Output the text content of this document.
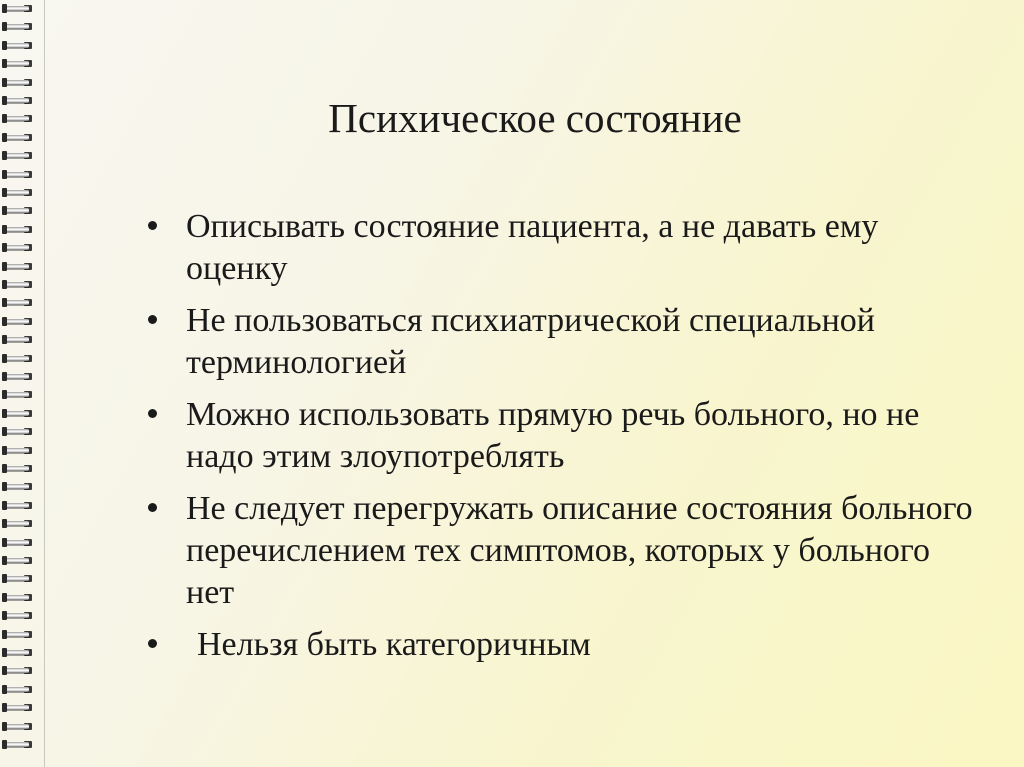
Психическое состояние
Описывать состояние пациента, а не давать ему оценку
Не пользоваться психиатрической специальной терминологией
Можно использовать прямую речь больного, но не надо этим злоупотреблять
Не следует перегружать описание состояния больного перечислением тех симптомов, которых у больного нет
Нельзя быть категоричным
